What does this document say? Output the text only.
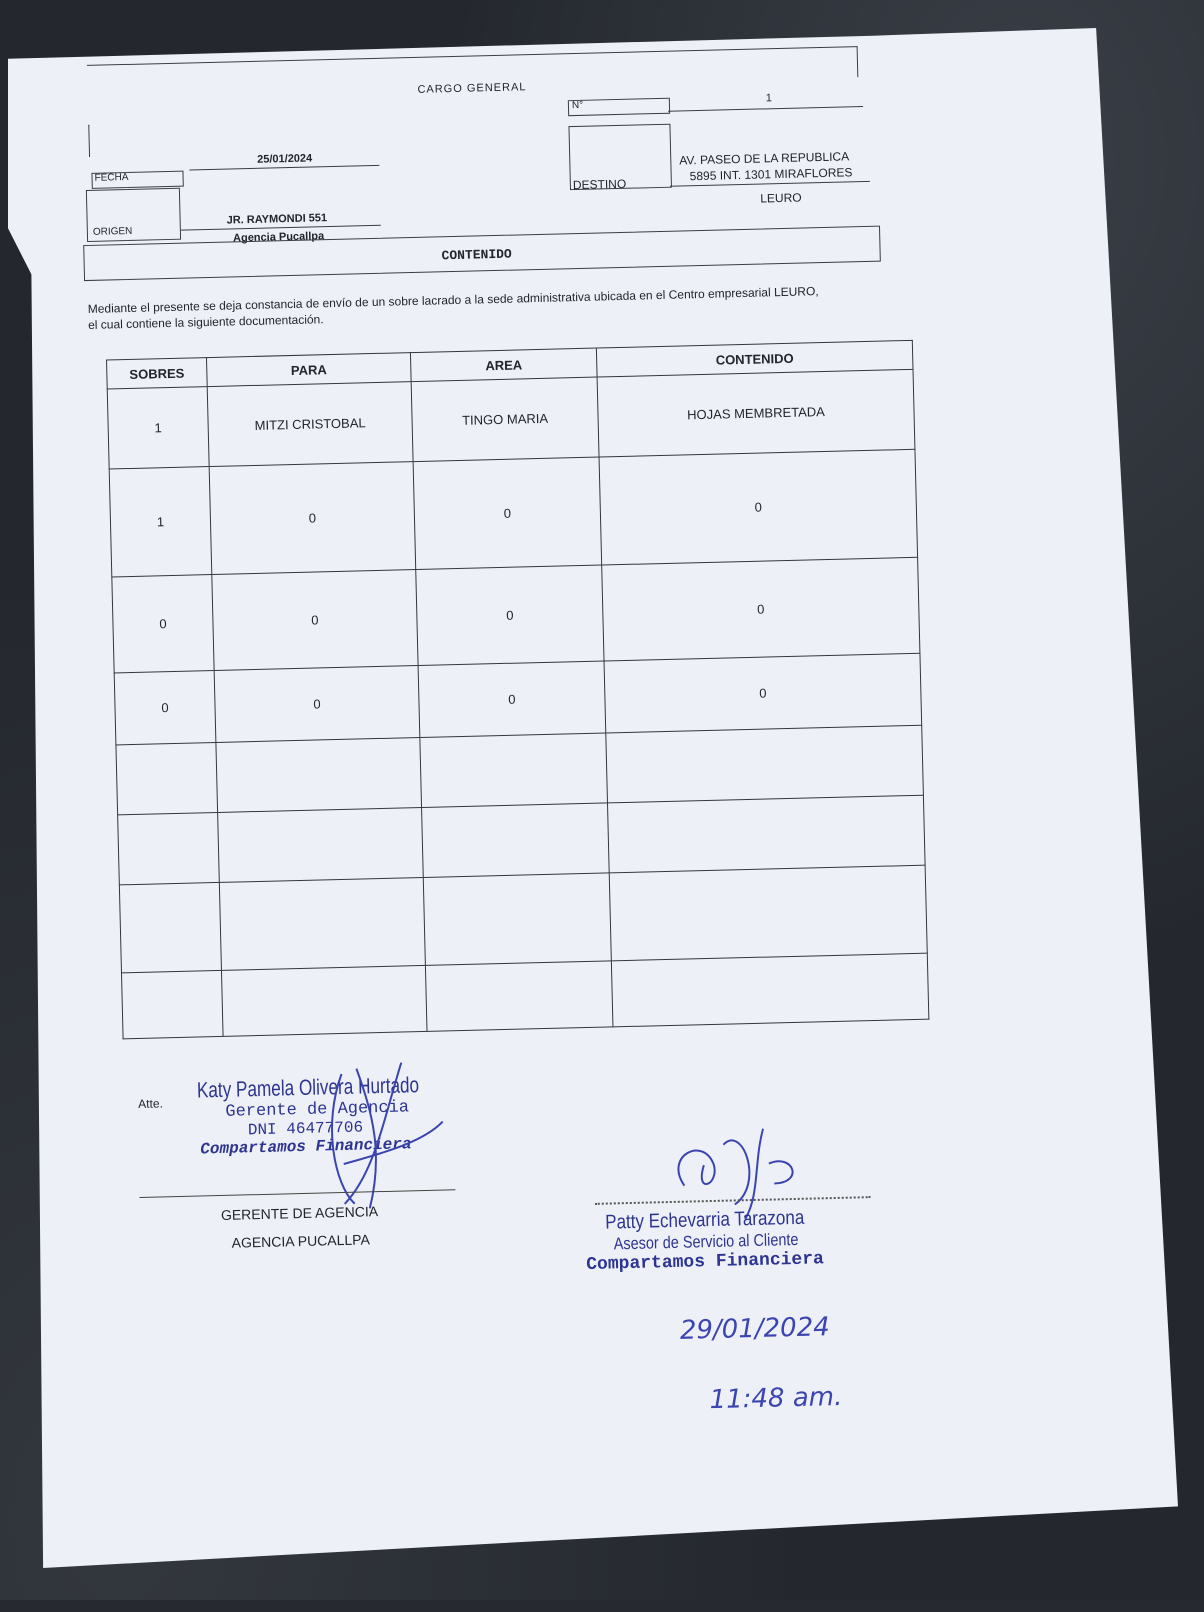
CARGO GENERAL
N°
1
25/01/2024
FECHA	DESTINO
AV. PASEO DE LA REPUBLICA
5895 INT. 1301 MIRAFLORES
LEURO
ORIGEN
JR. RAYMONDI 551
Agencia Pucallpa
CONTENIDO
Mediante el presente se deja constancia de envío de un sobre lacrado a la sede administrativa ubicada en el Centro empresarial LEURO,
el cual contiene la siguiente documentación.
SOBRES	PARA	AREA	CONTENIDO
1	MITZI CRISTOBAL	TINGO MARIA	HOJAS MEMBRETADA
1	0	0	0
0	0	0	0
0	0	0	0

Atte.
Katy Pamela Olivera Hurtado
Gerente de Agencia
DNI 46477706
Compartamos Financiera
GERENTE DE AGENCIA
AGENCIA PUCALLPA
Patty Echevarria Tarazona
Asesor de Servicio al Cliente
Compartamos Financiera
29/01/2024
11:48 am.
